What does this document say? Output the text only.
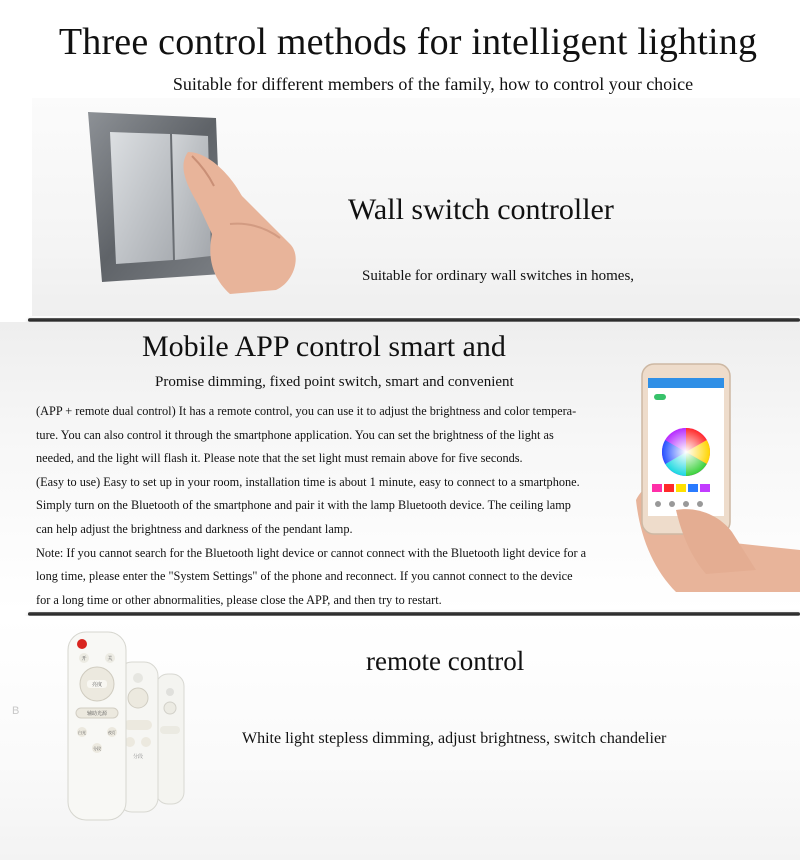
Three control methods for intelligent lighting
Suitable for different members of the family, how to control your choice
Wall switch controller
Suitable for ordinary wall switches in homes,
Mobile APP control smart and
Promise dimming, fixed point switch, smart and convenient

(APP + remote dual control) It has a remote control, you can use it to adjust the brightness and color tempera-

ture. You can also control it through the smartphone application. You can set the brightness of the light as

needed, and the light will flash it. Please note that the set light must remain above for five seconds.

(Easy to use) Easy to set up in your room, installation time is about 1 minute, easy to connect to a smartphone.

Simply turn on the Bluetooth of the smartphone and pair it with the lamp Bluetooth device. The ceiling lamp

can help adjust the brightness and darkness of the pendant lamp.

Note: If you cannot search for the Bluetooth light device or cannot connect with the Bluetooth light device for a

long time, please enter the "System Settings" of the phone and reconnect. If you cannot connect to the device

for a long time or other abnormalities, please close the APP, and then try to restart.

B
分段
开	关
亮度
辅助光源
白光	夜灯
分段
remote control
White light stepless dimming, adjust brightness, switch chandelier
